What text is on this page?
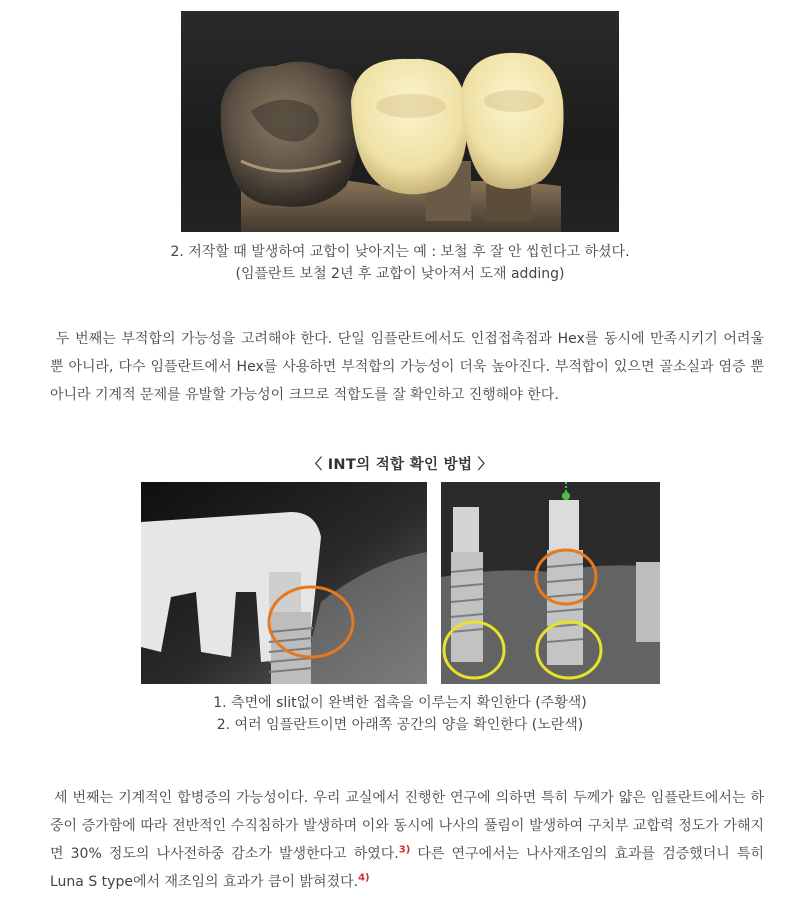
2. 저작할 때 발생하여 교합이 낮아지는 예 : 보철 후 잘 안 씹힌다고 하셨다.
(임플란트 보철 2년 후 교합이 낮아져서 도재 adding)

두 번째는 부적합의 가능성을 고려해야 한다. 단일 임플란트에서도 인접접촉점과 Hex를 동시에 만족시키기 어려울 뿐 아니라, 다수 임플란트에서 Hex를 사용하면 부적합의 가능성이 더욱 높아진다. 부적합이 있으면 골소실과 염증 뿐 아니라 기계적 문제를 유발할 가능성이 크므로 적합도를 잘 확인하고 진행해야 한다.

〈 INT의 적합 확인 방법 〉
1. 측면에 slit없이 완벽한 접촉을 이루는지 확인한다 (주황색)
2. 여러 임플란트이면 아래쪽 공간의 양을 확인한다 (노란색)

세 번째는 기계적인 합병증의 가능성이다. 우리 교실에서 진행한 연구에 의하면 특히 두께가 얇은 임플란트에서는 하중이 증가함에 따라 전반적인 수직침하가 발생하며 이와 동시에 나사의 풀림이 발생하여 구치부 교합력 정도가 가해지면 30% 정도의 나사전하중 감소가 발생한다고 하였다.$^{3)}$ 다른 연구에서는 나사재조임의 효과를 검증했더니 특히 Luna S type에서 재조임의 효과가 큼이 밝혀졌다.$^{4)}$
